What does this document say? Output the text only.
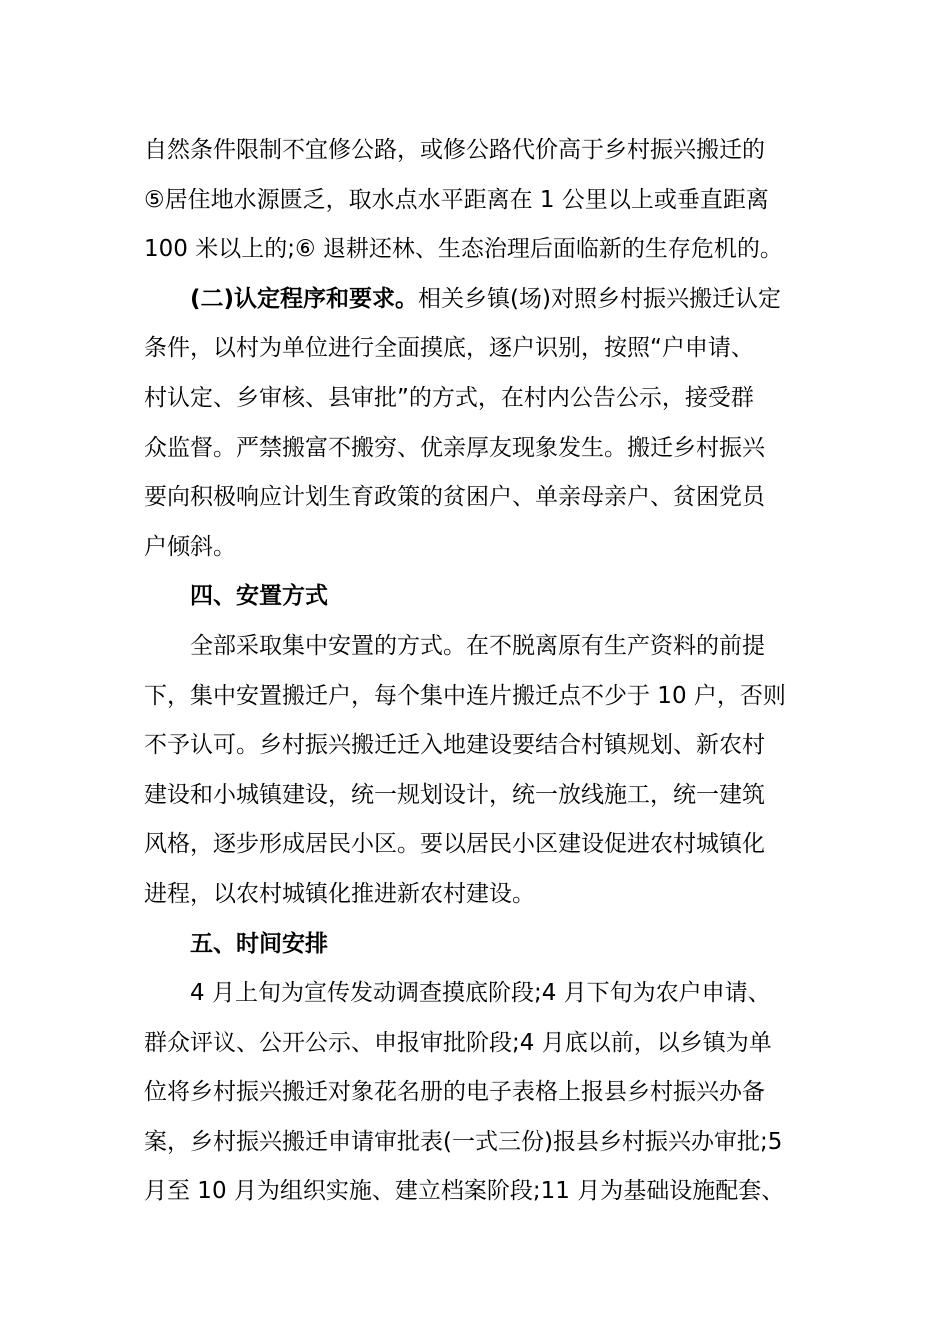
自然条件限制不宜修公路，或修公路代价高于乡村振兴搬迁的
⑤居住地水源匮乏，取水点水平距离在 1 公里以上或垂直距离
100 米以上的;⑥ 退耕还林、生态治理后面临新的生存危机的。
(二)认定程序和要求。相关乡镇(场)对照乡村振兴搬迁认定
条件，以村为单位进行全面摸底，逐户识别，按照“户申请、
村认定、乡审核、县审批”的方式，在村内公告公示，接受群
众监督。严禁搬富不搬穷、优亲厚友现象发生。搬迁乡村振兴
要向积极响应计划生育政策的贫困户、单亲母亲户、贫困党员
户倾斜。
四、安置方式
全部采取集中安置的方式。在不脱离原有生产资料的前提
下，集中安置搬迁户，每个集中连片搬迁点不少于 10 户，否则
不予认可。乡村振兴搬迁迁入地建设要结合村镇规划、新农村
建设和小城镇建设，统一规划设计，统一放线施工，统一建筑
风格，逐步形成居民小区。要以居民小区建设促进农村城镇化
进程，以农村城镇化推进新农村建设。
五、时间安排
4 月上旬为宣传发动调查摸底阶段;4 月下旬为农户申请、
群众评议、公开公示、申报审批阶段;4 月底以前，以乡镇为单
位将乡村振兴搬迁对象花名册的电子表格上报县乡村振兴办备
案，乡村振兴搬迁申请审批表(一式三份)报县乡村振兴办审批;5
月至 10 月为组织实施、建立档案阶段;11 月为基础设施配套、
